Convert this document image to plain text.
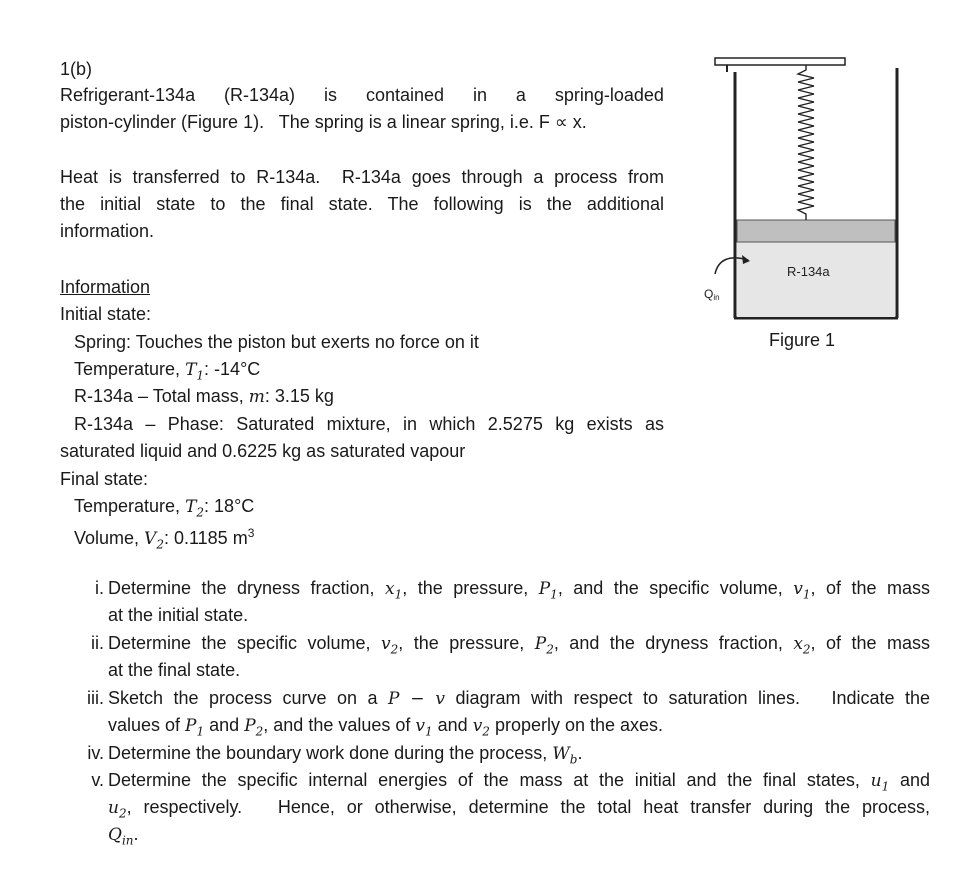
1(b)
Refrigerant-134a (R-134a) is contained in a spring-loaded
piston-cylinder (Figure 1).   The spring is a linear spring, i.e. F ∝ x.
Heat is transferred to R-134a.  R-134a goes through a process from
the initial state to the final state. The following is the additional
information.
Information
Initial state:
Spring: Touches the piston but exerts no force on it
Temperature, $T_1$: -14°C
R-134a – Total mass, m: 3.15 kg
R-134a  –  Phase:  Saturated  mixture,  in  which  2.5275  kg  exists  as
saturated liquid and 0.6225 kg as saturated vapour
Final state:
Temperature, $T_2$: 18°C
Volume, $V_2$: 0.1185 $m^3$
R-134a
Qin
Figure 1
i. Determine the dryness fraction, $x_1$, the pressure, $P_1$, and the specific volume, $v_1$, of the mass
at the initial state.
ii. Determine the specific volume, $v_2$, the pressure, $P_2$, and the dryness fraction, $x_2$, of the mass
at the final state.
iii. Sketch the process curve on a P − v diagram with respect to saturation lines.   Indicate the
values of $P_1$ and $P_2$, and the values of $v_1$ and $v_2$ properly on the axes.
iv. Determine the boundary work done during the process, $W_b$.
v. Determine the specific internal energies of the mass at the initial and the final states, $u_1$ and
$u_2$, respectively.   Hence, or otherwise, determine the total heat transfer during the process,
$Q_{in}$.
